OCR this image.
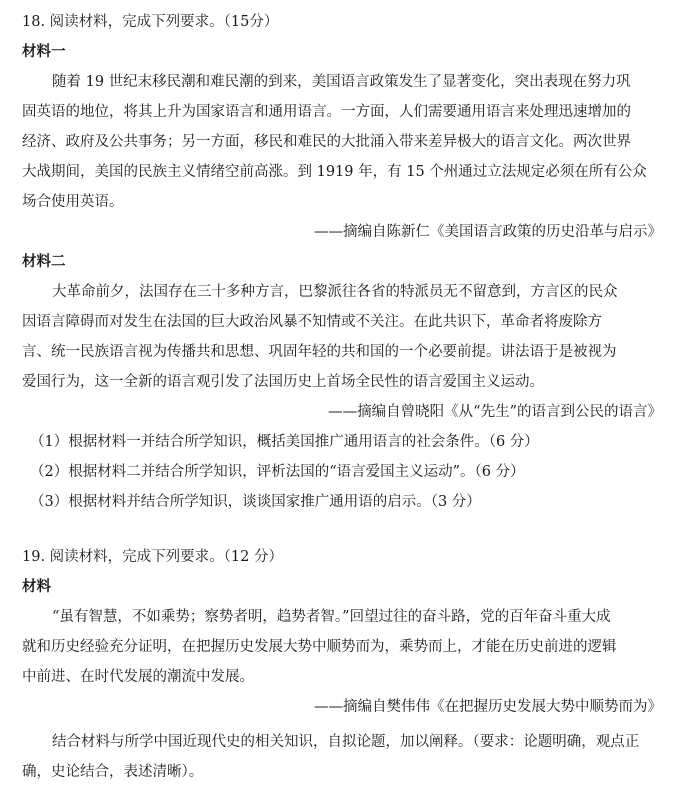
18. 阅读材料，完成下列要求。（15分）
材料一
随着 19 世纪末移民潮和难民潮的到来，美国语言政策发生了显著变化，突出表现在努力巩
固英语的地位，将其上升为国家语言和通用语言。一方面，人们需要通用语言来处理迅速增加的
经济、政府及公共事务；另一方面，移民和难民的大批涌入带来差异极大的语言文化。两次世界
大战期间，美国的民族主义情绪空前高涨。到 1919 年，有 15 个州通过立法规定必须在所有公众
场合使用英语。
——摘编自陈新仁《美国语言政策的历史沿革与启示》
材料二
大革命前夕，法国存在三十多种方言，巴黎派往各省的特派员无不留意到，方言区的民众
因语言障碍而对发生在法国的巨大政治风暴不知情或不关注。在此共识下，革命者将废除方
言、统一民族语言视为传播共和思想、巩固年轻的共和国的一个必要前提。讲法语于是被视为
爱国行为，这一全新的语言观引发了法国历史上首场全民性的语言爱国主义运动。
——摘编自曾晓阳《从“先生”的语言到公民的语言》
（1）根据材料一并结合所学知识，概括美国推广通用语言的社会条件。（6 分）
（2）根据材料二并结合所学知识，评析法国的“语言爱国主义运动”。（6 分）
（3）根据材料并结合所学知识，谈谈国家推广通用语的启示。（3 分）
19. 阅读材料，完成下列要求。（12 分）
材料
“虽有智慧，不如乘势；察势者明，趋势者智。”回望过往的奋斗路，党的百年奋斗重大成
就和历史经验充分证明，在把握历史发展大势中顺势而为，乘势而上，才能在历史前进的逻辑
中前进、在时代发展的潮流中发展。
——摘编自樊伟伟《在把握历史发展大势中顺势而为》
结合材料与所学中国近现代史的相关知识，自拟论题，加以阐释。（要求：论题明确，观点正
确，史论结合，表述清晰）。
